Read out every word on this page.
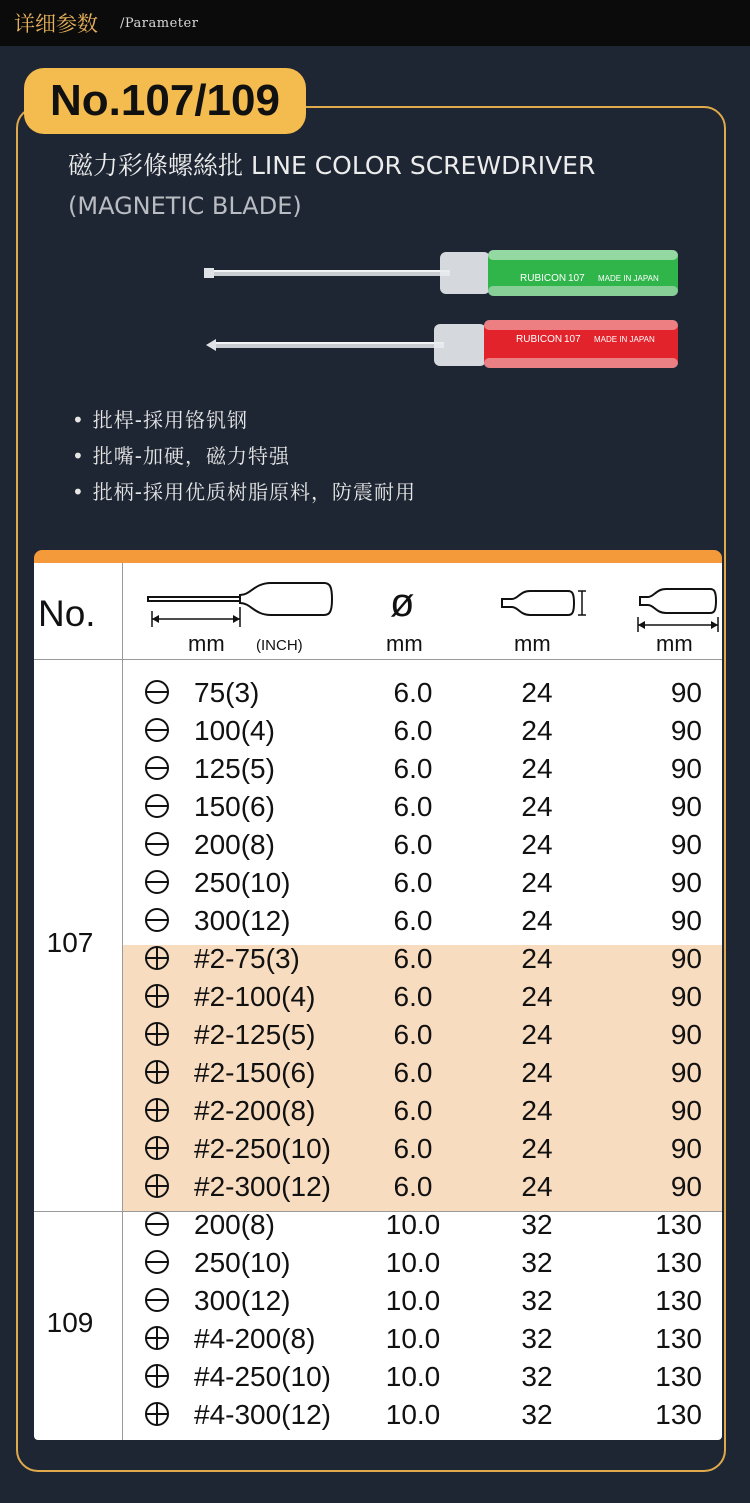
详细参数 /Parameter
No.107/109
磁力彩條螺絲批 LINE COLOR SCREWDRIVER
(MAGNETIC BLADE)
RUBICON 107 MADE IN JAPAN
RUBICON 107 MADE IN JAPAN
• 批桿-採用铬钒钢
• 批嘴-加硬，磁力特强
• 批柄-採用优质树脂原料，防震耐用
No.
mm (INCH)
ø
mm	mm	mm
75(3)	6.0	24	90
100(4)	6.0	24	90
125(5)	6.0	24	90
150(6)	6.0	24	90
200(8)	6.0	24	90
250(10)	6.0	24	90
300(12)	6.0	24	90
#2-75(3)	6.0	24	90
#2-100(4)	6.0	24	90
#2-125(5)	6.0	24	90
#2-150(6)	6.0	24	90
#2-200(8)	6.0	24	90
#2-250(10)	6.0	24	90
#2-300(12)	6.0	24	90
107
200(8)	10.0	32	130
250(10)	10.0	32	130
300(12)	10.0	32	130
#4-200(8)	10.0	32	130
#4-250(10)	10.0	32	130
#4-300(12)	10.0	32	130
109
